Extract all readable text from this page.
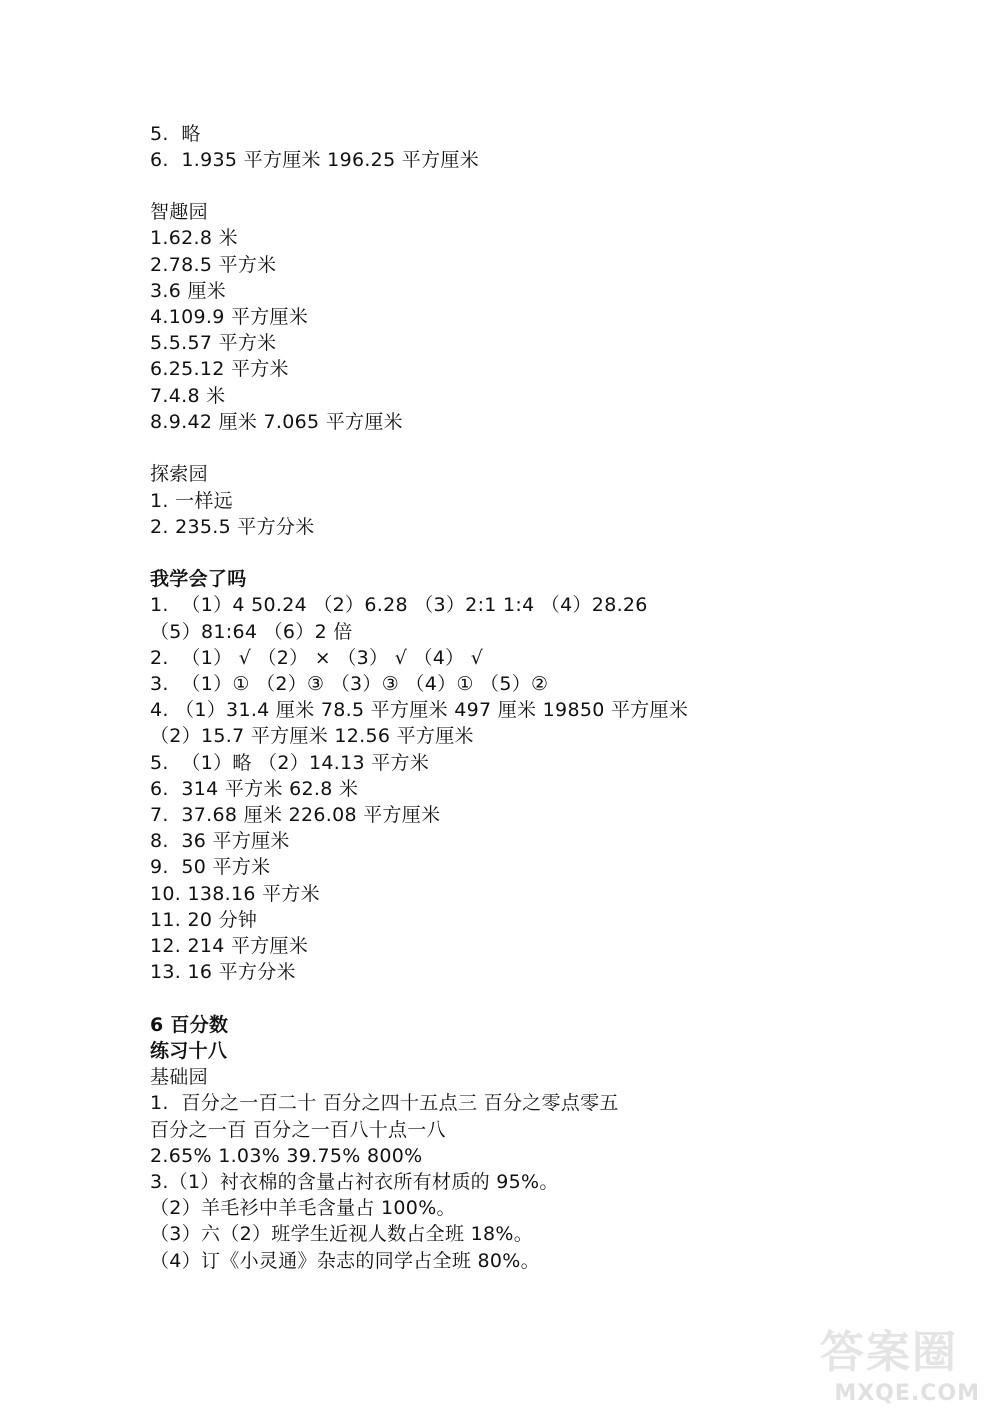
5.  略
6.  1.935 平方厘米 196.25 平方厘米
智趣园
1.62.8 米
2.78.5 平方米
3.6 厘米
4.109.9 平方厘米
5.5.57 平方米
6.25.12 平方米
7.4.8 米
8.9.42 厘米 7.065 平方厘米
探索园
1. 一样远
2. 235.5 平方分米
我学会了吗
1.  （1）4 50.24 （2）6.28 （3）2:1 1:4 （4）28.26
（5）81:64 （6）2 倍
2.  （1） √ （2） × （3） √ （4） √
3.  （1）① （2）③ （3）③ （4）① （5）②
4. （1）31.4 厘米 78.5 平方厘米 497 厘米 19850 平方厘米
（2）15.7 平方厘米 12.56 平方厘米
5.  （1）略 （2）14.13 平方米
6.  314 平方米 62.8 米
7.  37.68 厘米 226.08 平方厘米
8.  36 平方厘米
9.  50 平方米
10. 138.16 平方米
11. 20 分钟
12. 214 平方厘米
13. 16 平方分米
6 百分数
练习十八
基础园
1.  百分之一百二十 百分之四十五点三 百分之零点零五
百分之一百 百分之一百八十点一八
2.65% 1.03% 39.75% 800%
3.（1）衬衣棉的含量占衬衣所有材质的 95%。
（2）羊毛衫中羊毛含量占 100%。
（3）六（2）班学生近视人数占全班 18%。
（4）订《小灵通》杂志的同学占全班 80%。
答案圈
MXQE.COM
